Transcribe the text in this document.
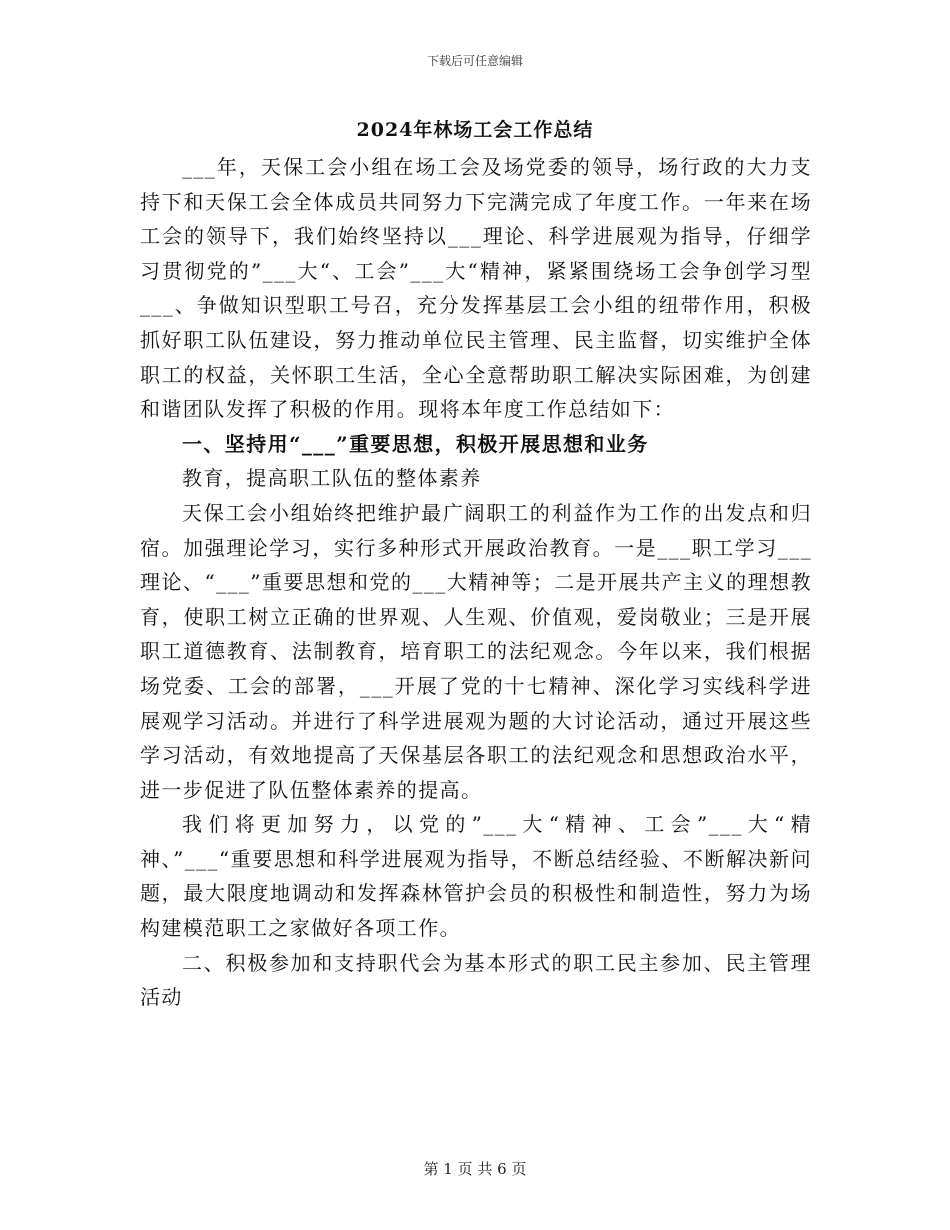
下载后可任意编辑
2024年林场工会工作总结

___年，天保工会小组在场工会及场党委的领导，场行政的大力支持下和天保工会全体成员共同努力下完满完成了年度工作。一年来在场工会的领导下，我们始终坚持以___理论、科学进展观为指导，仔细学习贯彻党的”___大“、工会”___大“精神，紧紧围绕场工会争创学习型___、争做知识型职工号召，充分发挥基层工会小组的纽带作用，积极抓好职工队伍建设，努力推动单位民主管理、民主监督，切实维护全体职工的权益，关怀职工生活，全心全意帮助职工解决实际困难，为创建和谐团队发挥了积极的作用。现将本年度工作总结如下：

一、坚持用“___”重要思想，积极开展思想和业务

教育，提高职工队伍的整体素养

天保工会小组始终把维护最广阔职工的利益作为工作的出发点和归宿。加强理论学习，实行多种形式开展政治教育。一是___职工学习___理论、“___”重要思想和党的___大精神等；二是开展共产主义的理想教育，使职工树立正确的世界观、人生观、价值观，爱岗敬业；三是开展职工道德教育、法制教育，培育职工的法纪观念。今年以来，我们根据场党委、工会的部署，___开展了党的十七精神、深化学习实线科学进展观学习活动。并进行了科学进展观为题的大讨论活动，通过开展这些学习活动，有效地提高了天保基层各职工的法纪观念和思想政治水平，进一步促进了队伍整体素养的提高。

我们将更加努力，以党的”___大“精神、工会”___大“精神、”___“重要思想和科学进展观为指导，不断总结经验、不断解决新问题，最大限度地调动和发挥森林管护会员的积极性和制造性，努力为场构建模范职工之家做好各项工作。

二、积极参加和支持职代会为基本形式的职工民主参加、民主管理活动

第 1 页 共 6 页
